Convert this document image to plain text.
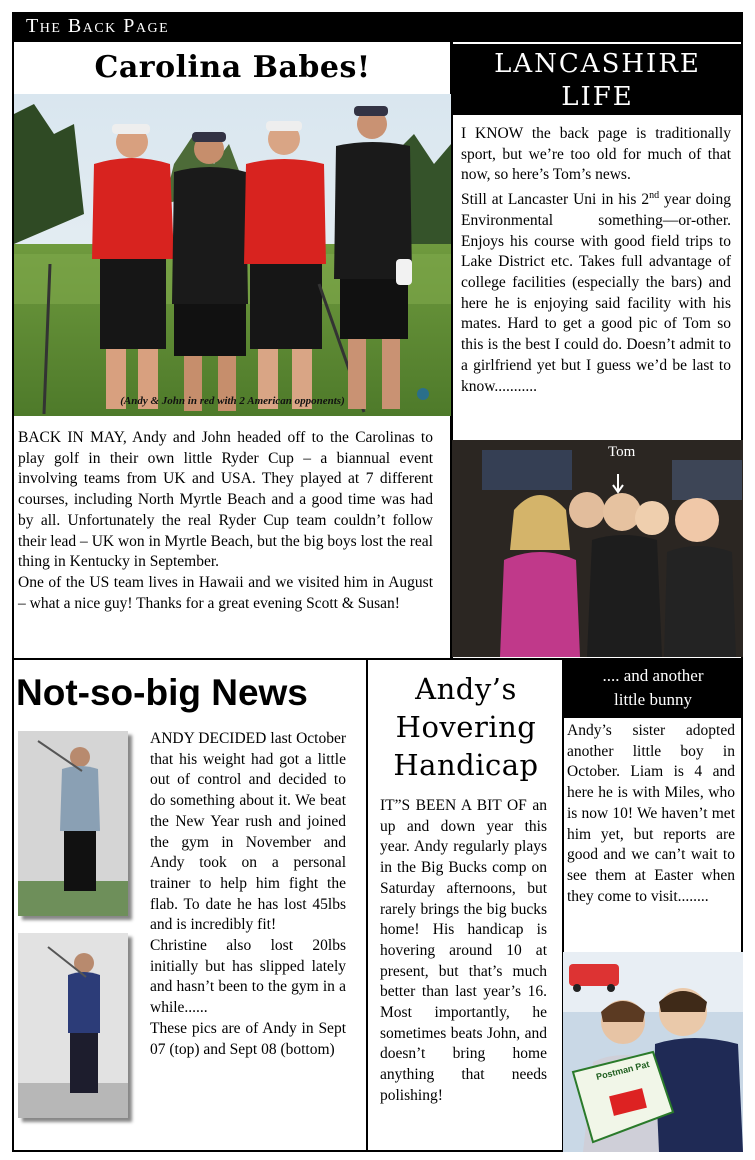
The Back Page
Carolina Babes!
(Andy & John in red with 2 American opponents)

BACK IN MAY, Andy and John headed off to the Carolinas to play golf in their own little Ryder Cup – a biannual event involving teams from UK and USA. They played at 7 different courses, including North Myrtle Beach and a good time was had by all. Unfortunately the real Ryder Cup team couldn’t follow their lead – UK won in Myrtle Beach, but the big boys lost the real thing in Kentucky in September.

One of the US team lives in Hawaii and we visited him in August – what a nice guy! Thanks for a great evening Scott & Susan!

LANCASHIRE
LIFE

I KNOW the back page is traditionally sport, but we’re too old for much of that now, so here’s Tom’s news.

Still at Lancaster Uni in his 2nd year doing Environmental something—or-other. Enjoys his course with good field trips to Lake District etc. Takes full advantage of college facilities (especially the bars) and here he is enjoying said facility with his mates. Hard to get a good pic of Tom so this is the best I could do. Doesn’t admit to a girlfriend yet but I guess we’d be last to know...........

Tom
Not-so-big News

ANDY DECIDED last October that his weight had got a little out of control and decided to do something about it. We beat the New Year rush and joined the gym in November and Andy took on a personal trainer to help him fight the flab. To date he has lost 45lbs and is incredibly fit!

Christine also lost 20lbs initially but has slipped lately and hasn’t been to the gym in a while......

These pics are of Andy in Sept 07 (top) and Sept 08 (bottom)

Andy’s
Hovering
Handicap

IT”S BEEN A BIT OF an up and down year this year. Andy regularly plays in the Big Bucks comp on Saturday afternoons, but rarely brings the big bucks home! His handicap is hovering around 10 at present, but that’s much better than last year’s 16. Most importantly, he sometimes beats John, and doesn’t bring home anything that needs polishing!

.... and another
little bunny

Andy’s sister adopted another little boy in October. Liam is 4 and here he is with Miles, who is now 10! We haven’t met him yet, but reports are good and we can’t wait to see them at Easter when they come to visit........

Postman Pat
